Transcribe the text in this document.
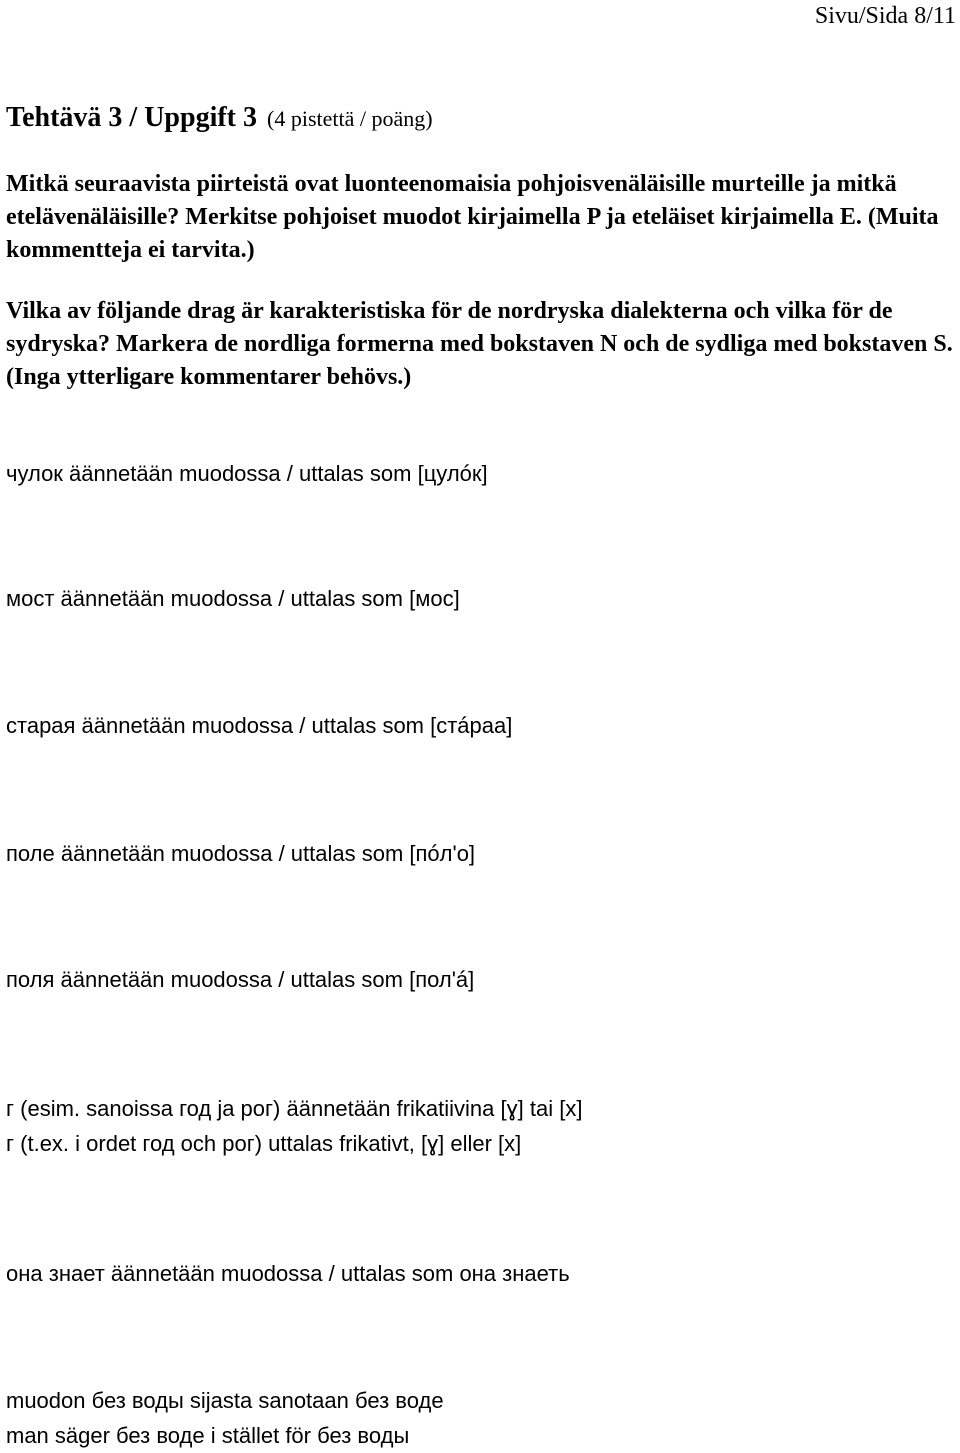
Sivu/Sida 8/11
Tehtävä 3 / Uppgift 3 (4 pistettä / poäng)
Mitkä seuraavista piirteistä ovat luonteenomaisia pohjoisvenäläisille murteille ja mitkä etelävenäläisille? Merkitse pohjoiset muodot kirjaimella P ja eteläiset kirjaimella E. (Muita kommentteja ei tarvita.)
Vilka av följande drag är karakteristiska för de nordryska dialekterna och vilka för de sydryska? Markera de nordliga formerna med bokstaven N och de sydliga med bokstaven S. (Inga ytterligare kommentarer behövs.)
чулок äännetään muodossa / uttalas som [цулóк]
мост äännetään muodossa / uttalas som [мос]
старая äännetään muodossa / uttalas som [стáраа]
поле äännetään muodossa / uttalas som [пóл'о]
поля äännetään muodossa / uttalas som [пол'á]
г (esim. sanoissa год ja рог) äännetään frikatiivina [ɣ] tai [x]
г (t.ex. i ordet год och рог) uttalas frikativt, [ɣ] eller [x]
она знает äännetään muodossa / uttalas som она знаеть
muodon без воды sijasta sanotaan без воде
man säger без воде i stället för без воды
